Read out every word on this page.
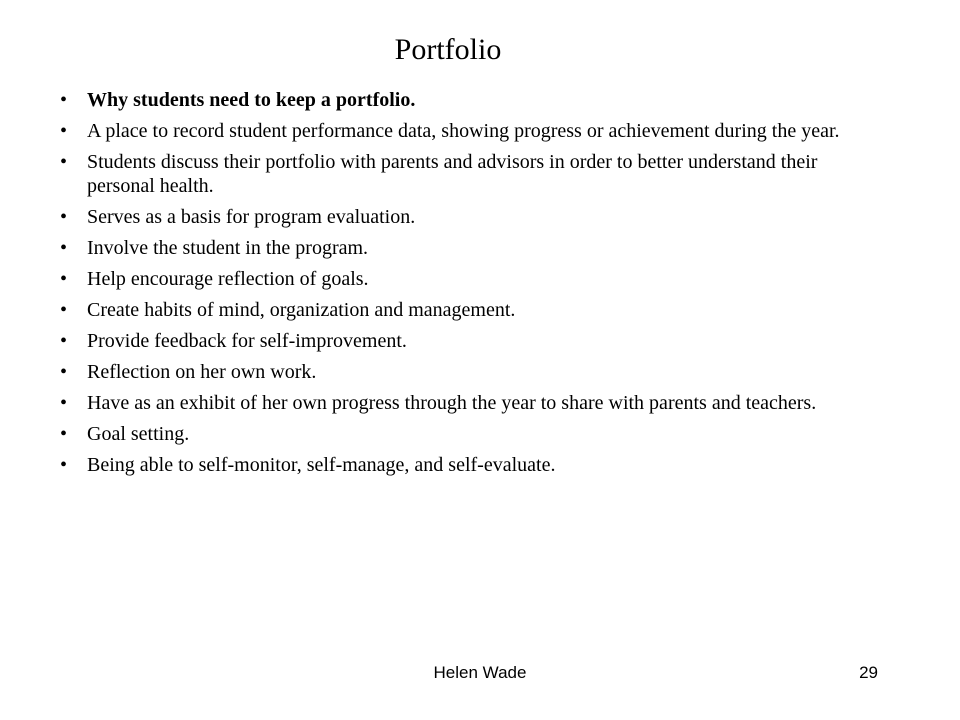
Portfolio
• Why students need to keep a portfolio.
• A place to record student performance data, showing progress or achievement during the year.
• Students discuss their portfolio with parents and advisors in order to better understand their personal health.
• Serves as a basis for program evaluation.
• Involve the student in the program.
• Help encourage reflection of goals.
• Create habits of mind, organization and management.
• Provide feedback for self-improvement.
• Reflection on her own work.
• Have as an exhibit of her own progress through the year to share with parents and teachers.
• Goal setting.
• Being able to self-monitor, self-manage, and self-evaluate.
Helen Wade	29
